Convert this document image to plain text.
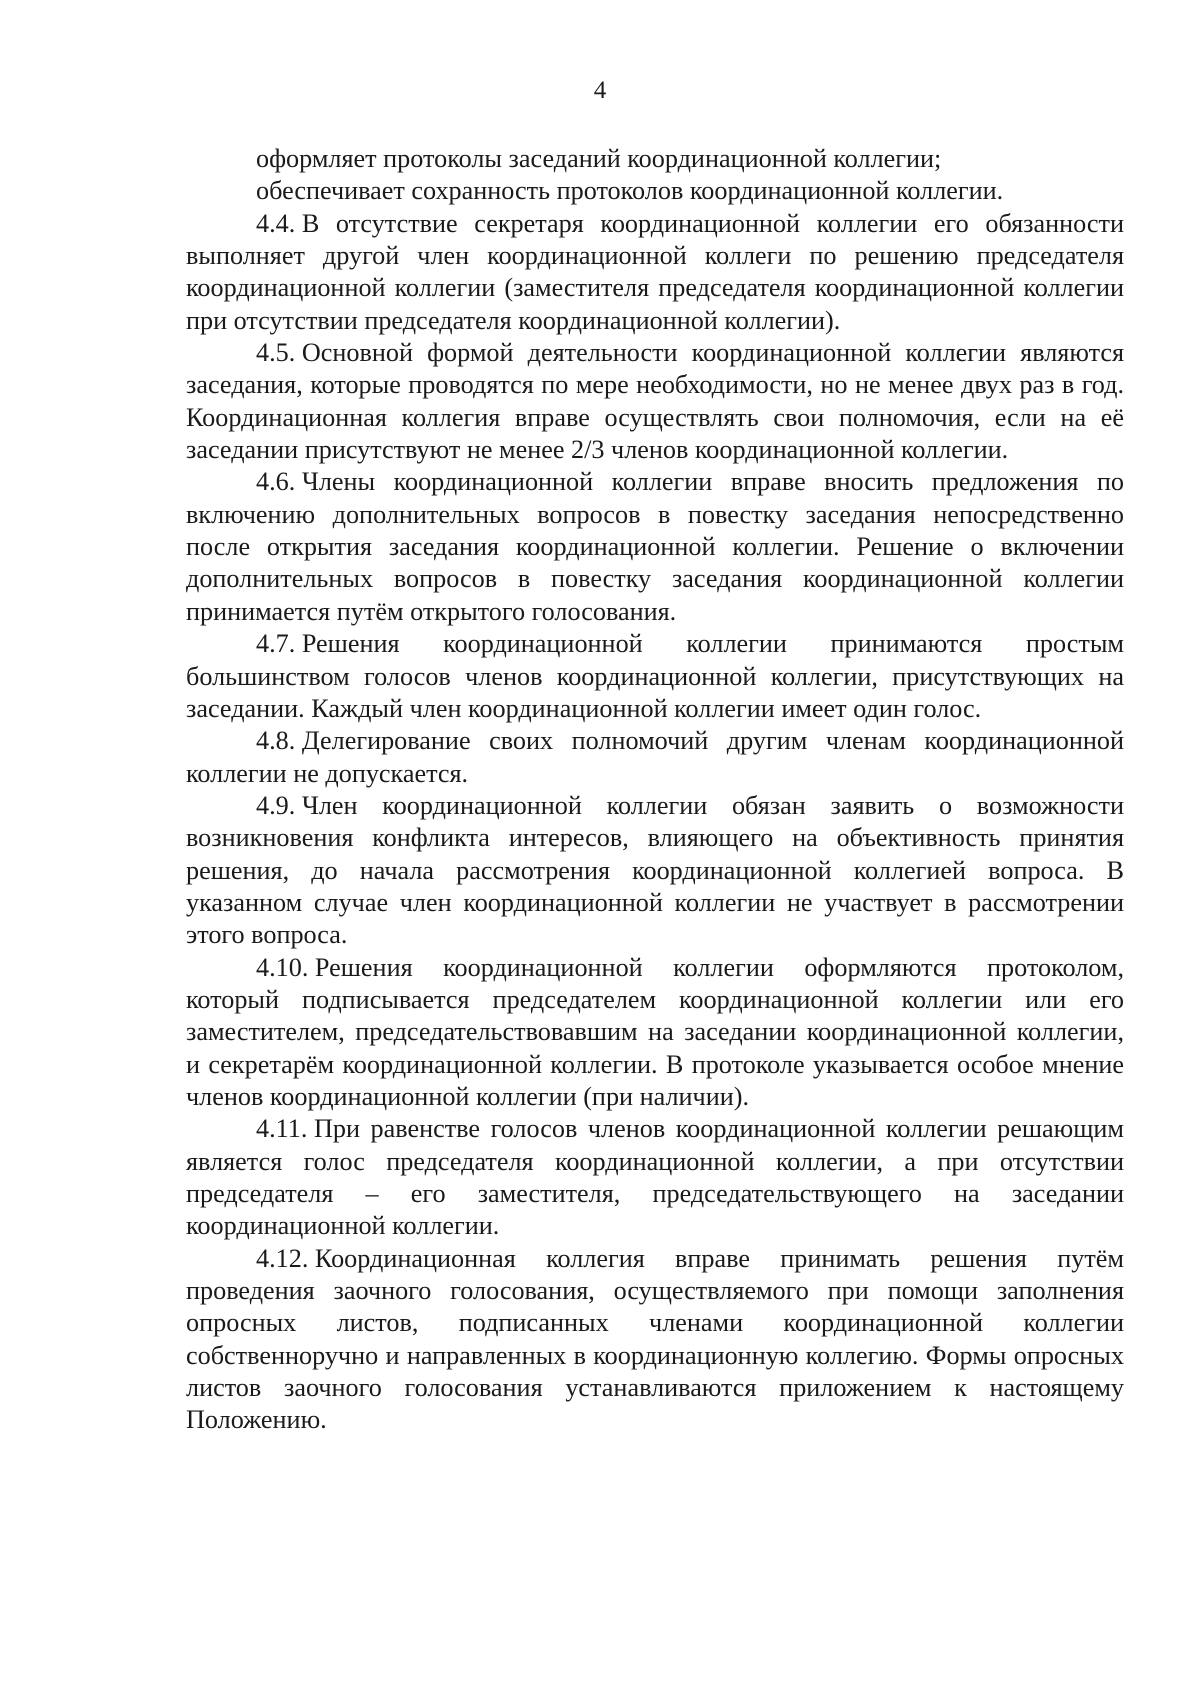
4

оформляет протоколы заседаний координационной коллегии;

обеспечивает сохранность протоколов координационной коллегии.

4.4. В отсутствие секретаря координационной коллегии его обязанности выполняет другой член координационной коллеги по решению председателя координационной коллегии (заместителя председателя координационной коллегии при отсутствии председателя координационной коллегии).

4.5. Основной формой деятельности координационной коллегии являются заседания, которые проводятся по мере необходимости, но не менее двух раз в год. Координационная коллегия вправе осуществлять свои полномочия, если на её заседании присутствуют не менее 2/3 членов координационной коллегии.

4.6. Члены координационной коллегии вправе вносить предложения по включению дополнительных вопросов в повестку заседания непосредственно после открытия заседания координационной коллегии. Решение о включении дополнительных вопросов в повестку заседания координационной коллегии принимается путём открытого голосования.

4.7. Решения координационной коллегии принимаются простым большинством голосов членов координационной коллегии, присутствующих на заседании. Каждый член координационной коллегии имеет один голос.

4.8. Делегирование своих полномочий другим членам координационной коллегии не допускается.

4.9. Член координационной коллегии обязан заявить о возможности возникновения конфликта интересов, влияющего на объективность принятия решения, до начала рассмотрения координационной коллегией вопроса. В указанном случае член координационной коллегии не участвует в рассмотрении этого вопроса.

4.10. Решения координационной коллегии оформляются протоколом, который подписывается председателем координационной коллегии или его заместителем, председательствовавшим на заседании координационной коллегии, и секретарём координационной коллегии. В протоколе указывается особое мнение членов координационной коллегии (при наличии).

4.11. При равенстве голосов членов координационной коллегии решающим является голос председателя координационной коллегии, а при отсутствии председателя – его заместителя, председательствующего на заседании координационной коллегии.

4.12. Координационная коллегия вправе принимать решения путём проведения заочного голосования, осуществляемого при помощи заполнения опросных листов, подписанных членами координационной коллегии собственноручно и направленных в координационную коллегию. Формы опросных листов заочного голосования устанавливаются приложением к настоящему Положению.
